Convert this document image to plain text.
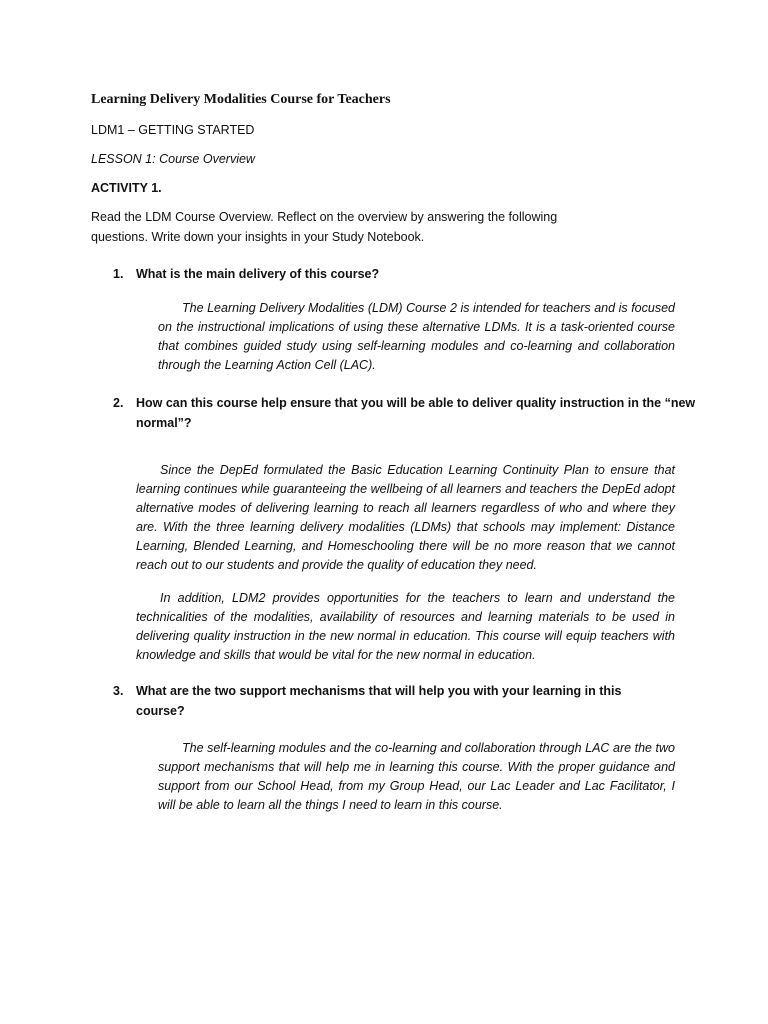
Learning Delivery Modalities Course for Teachers

LDM1 – GETTING STARTED

LESSON 1: Course Overview

ACTIVITY 1.

Read the LDM Course Overview. Reflect on the overview by answering the following

questions. Write down your insights in your Study Notebook.

1. What is the main delivery of this course?

The Learning Delivery Modalities (LDM) Course 2 is intended for teachers and is focused on the instructional implications of using these alternative LDMs. It is a task-oriented course that combines guided study using self-learning modules and co-learning and collaboration through the Learning Action Cell (LAC).

2. How can this course help ensure that you will be able to deliver quality instruction in the “new

normal”?

Since the DepEd formulated the Basic Education Learning Continuity Plan to ensure that learning continues while guaranteeing the wellbeing of all learners and teachers the DepEd adopt alternative modes of delivering learning to reach all learners regardless of who and where they are. With the three learning delivery modalities (LDMs) that schools may implement: Distance Learning, Blended Learning, and Homeschooling there will be no more reason that we cannot reach out to our students and provide the quality of education they need.

In addition, LDM2 provides opportunities for the teachers to learn and understand the technicalities of the modalities, availability of resources and learning materials to be used in delivering quality instruction in the new normal in education. This course will equip teachers with knowledge and skills that would be vital for the new normal in education.

3. What are the two support mechanisms that will help you with your learning in this

course?

The self-learning modules and the co-learning and collaboration through LAC are the two support mechanisms that will help me in learning this course. With the proper guidance and support from our School Head, from my Group Head, our Lac Leader and Lac Facilitator, I will be able to learn all the things I need to learn in this course.
